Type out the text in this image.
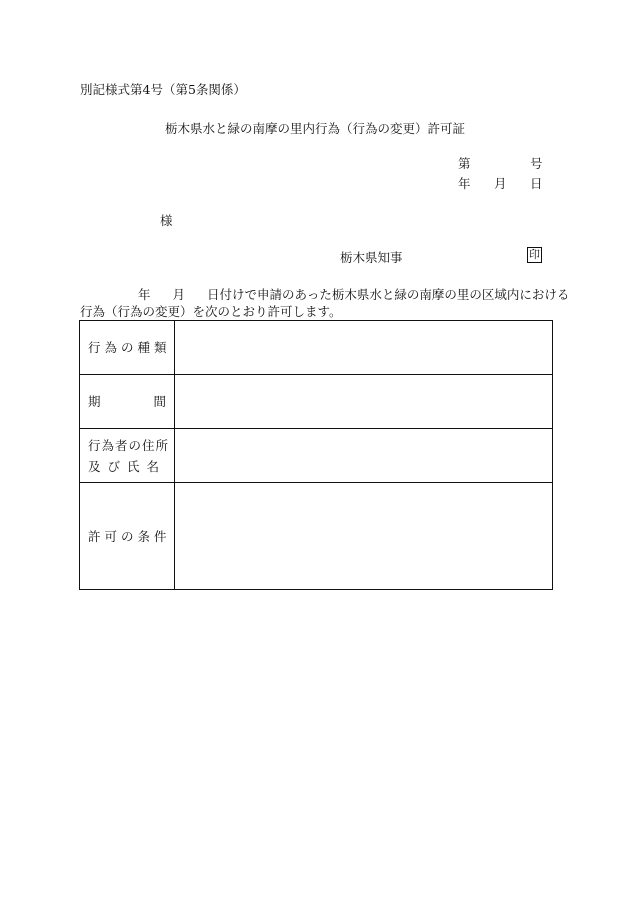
別記様式第4号（第5条関係）
栃木県水と緑の南摩の里内行為（行為の変更）許可証
第	号
年 月 日
様
栃木県知事	印
年 月 日付けで申請のあった栃木県水と緑の南摩の里の区域内における
行為（行為の変更）を次のとおり許可します。
行為の種類	

期 間	

行為者の住所
及び氏名	

許可の条件	
